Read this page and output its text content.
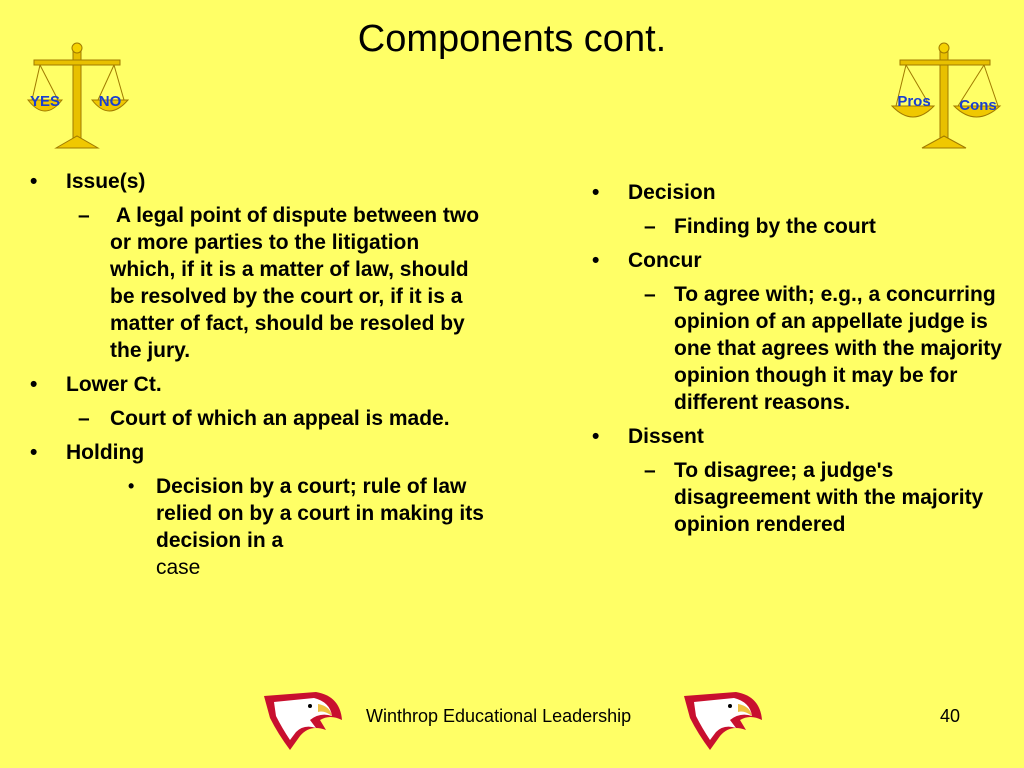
Components cont.
YES	NO	Pros Cons
•	Issue(s)
– A legal point of dispute between two or more parties to the litigation which, if it is a matter of law, should be resolved by the court or, if it is a matter of fact, should be resoled by the jury.
•	Lower Ct.
– Court of which an appeal is made.
•	Holding
• Decision by a court; rule of law relied on by a court in making its decision in a
case
•	Decision
– Finding by the court
•	Concur
– To agree with; e.g., a concurring opinion of an appellate judge is one that agrees with the majority opinion though it may be for different reasons.
•	Dissent
– To disagree; a judge's disagreement with the majority opinion rendered
Winthrop Educational Leadership	40
